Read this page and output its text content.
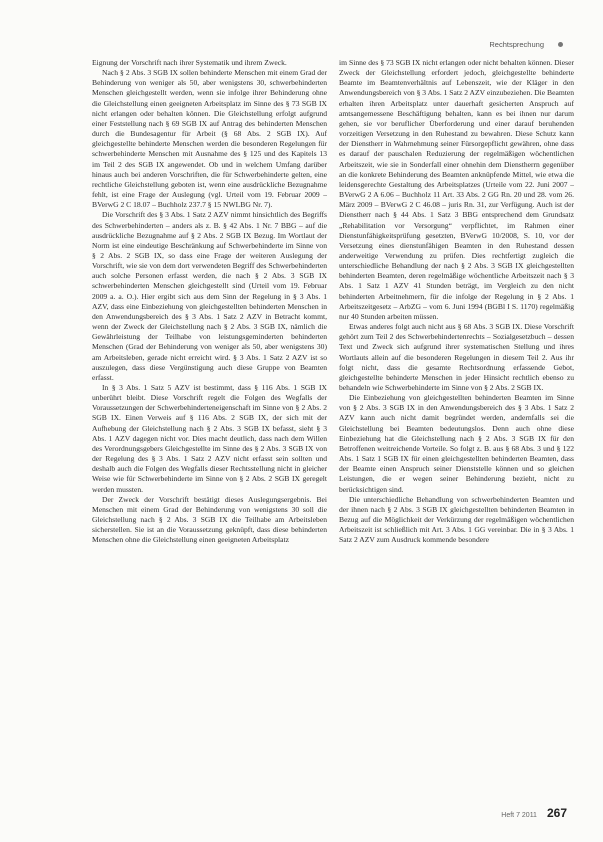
Rechtsprechung

Eignung der Vorschrift nach ihrer Systematik und ihrem Zweck.

Nach § 2 Abs. 3 SGB IX sollen behinderte Menschen mit einem Grad der Behinderung von weniger als 50, aber wenigstens 30, schwerbehinderten Menschen gleichgestellt werden, wenn sie infolge ihrer Behinderung ohne die Gleichstellung einen geeigneten Arbeitsplatz im Sinne des § 73 SGB IX nicht erlangen oder behalten können. Die Gleichstellung erfolgt aufgrund einer Feststellung nach § 69 SGB IX auf Antrag des behinderten Menschen durch die Bundesagentur für Arbeit (§ 68 Abs. 2 SGB IX). Auf gleichgestellte behinderte Menschen werden die besonderen Regelungen für schwerbehinderte Menschen mit Ausnahme des § 125 und des Kapitels 13 im Teil 2 des SGB IX angewendet. Ob und in welchem Umfang darüber hinaus auch bei anderen Vorschriften, die für Schwerbehinderte gelten, eine rechtliche Gleichstellung geboten ist, wenn eine ausdrückliche Bezugnahme fehlt, ist eine Frage der Auslegung (vgl. Urteil vom 19. Februar 2009 – BVerwG 2 C 18.07 – Buchholz 237.7 § 15 NWLBG Nr. 7).

Die Vorschrift des § 3 Abs. 1 Satz 2 AZV nimmt hinsichtlich des Begriffs des Schwerbehinderten – anders als z. B. § 42 Abs. 1 Nr. 7 BBG – auf die ausdrückliche Bezugnahme auf § 2 Abs. 2 SGB IX Bezug. Im Wortlaut der Norm ist eine eindeutige Beschränkung auf Schwerbehinderte im Sinne von § 2 Abs. 2 SGB IX, so dass eine Frage der weiteren Auslegung der Vorschrift, wie sie von dem dort verwendeten Begriff des Schwerbehinderten auch solche Personen erfasst werden, die nach § 2 Abs. 3 SGB IX schwerbehinderten Menschen gleichgestellt sind (Urteil vom 19. Februar 2009 a. a. O.). Hier ergibt sich aus dem Sinn der Regelung in § 3 Abs. 1 AZV, dass eine Einbeziehung von gleichgestellten behinderten Menschen in den Anwendungsbereich des § 3 Abs. 1 Satz 2 AZV in Betracht kommt, wenn der Zweck der Gleichstellung nach § 2 Abs. 3 SGB IX, nämlich die Gewährleistung der Teilhabe von leistungsgeminderten behinderten Menschen (Grad der Behinderung von weniger als 50, aber wenigstens 30) am Arbeitsleben, gerade nicht erreicht wird. § 3 Abs. 1 Satz 2 AZV ist so auszulegen, dass diese Vergünstigung auch diese Gruppe von Beamten erfasst.

In § 3 Abs. 1 Satz 5 AZV ist bestimmt, dass § 116 Abs. 1 SGB IX unberührt bleibt. Diese Vorschrift regelt die Folgen des Wegfalls der Voraussetzungen der Schwerbehinderteneigenschaft im Sinne von § 2 Abs. 2 SGB IX. Einen Verweis auf § 116 Abs. 2 SGB IX, der sich mit der Aufhebung der Gleichstellung nach § 2 Abs. 3 SGB IX befasst, sieht § 3 Abs. 1 AZV dagegen nicht vor. Dies macht deutlich, dass nach dem Willen des Verordnungsgebers Gleichgestellte im Sinne des § 2 Abs. 3 SGB IX von der Regelung des § 3 Abs. 1 Satz 2 AZV nicht erfasst sein sollten und deshalb auch die Folgen des Wegfalls dieser Rechtsstellung nicht in gleicher Weise wie für Schwerbehinderte im Sinne von § 2 Abs. 2 SGB IX geregelt werden mussten.

Der Zweck der Vorschrift bestätigt dieses Auslegungsergebnis. Bei Menschen mit einem Grad der Behinderung von wenigstens 30 soll die Gleichstellung nach § 2 Abs. 3 SGB IX die Teilhabe am Arbeitsleben sicherstellen. Sie ist an die Voraussetzung geknüpft, dass diese behinderten Menschen ohne die Gleichstellung einen geeigneten Arbeitsplatz

im Sinne des § 73 SGB IX nicht erlangen oder nicht behalten können. Dieser Zweck der Gleichstellung erfordert jedoch, gleichgestellte behinderte Beamte im Beamtenverhältnis auf Lebenszeit, wie der Kläger in den Anwendungsbereich von § 3 Abs. 1 Satz 2 AZV einzubeziehen. Die Beamten erhalten ihren Arbeitsplatz unter dauerhaft gesicherten Anspruch auf amtsangemessene Beschäftigung behalten, kann es bei ihnen nur darum gehen, sie vor beruflicher Überforderung und einer darauf beruhenden vorzeitigen Versetzung in den Ruhestand zu bewahren. Diese Schutz kann der Dienstherr in Wahrnehmung seiner Fürsorgepflicht gewähren, ohne dass es darauf der pauschalen Reduzierung der regelmäßigen wöchentlichen Arbeitszeit, wie sie in Sonderfall einer ohnehin dem Dienstherrn gegenüber an die konkrete Behinderung des Beamten anknüpfende Mittel, wie etwa die leidensgerechte Gestaltung des Arbeitsplatzes (Urteile vom 22. Juni 2007 – BVerwG 2 A 6.06 – Buchholz 11 Art. 33 Abs. 2 GG Rn. 20 und 28. vom 26. März 2009 – BVerwG 2 C 46.08 – juris Rn. 31, zur Verfügung. Auch ist der Dienstherr nach § 44 Abs. 1 Satz 3 BBG entsprechend dem Grundsatz „Rehabilitation vor Versorgung“ verpflichtet, im Rahmen einer Dienstunfähigkeitsprüfung gesetzten, BVerwG 10/2008, S. 10, vor der Versetzung eines dienstunfähigen Beamten in den Ruhestand dessen anderweitige Verwendung zu prüfen. Dies rechtfertigt zugleich die unterschiedliche Behandlung der nach § 2 Abs. 3 SGB IX gleichgestellten behinderten Beamten, deren regelmäßige wöchentliche Arbeitszeit nach § 3 Abs. 1 Satz 1 AZV 41 Stunden beträgt, im Vergleich zu den nicht behinderten Arbeitnehmern, für die infolge der Regelung in § 2 Abs. 1 Arbeitszeitgesetz – ArbZG – vom 6. Juni 1994 (BGBl I S. 1170) regelmäßig nur 40 Stunden arbeiten müssen.

Etwas anderes folgt auch nicht aus § 68 Abs. 3 SGB IX. Diese Vorschrift gehört zum Teil 2 des Schwerbehindertenrechts – Sozialgesetzbuch – dessen Text und Zweck sich aufgrund ihrer systematischen Stellung und ihres Wortlauts allein auf die besonderen Regelungen in diesem Teil 2. Aus ihr folgt nicht, dass die gesamte Rechtsordnung erfassende Gebot, gleichgestellte behinderte Menschen in jeder Hinsicht rechtlich ebenso zu behandeln wie Schwerbehinderte im Sinne von § 2 Abs. 2 SGB IX.

Die Einbeziehung von gleichgestellten behinderten Beamten im Sinne von § 2 Abs. 3 SGB IX in den Anwendungsbereich des § 3 Abs. 1 Satz 2 AZV kann auch nicht damit begründet werden, andernfalls sei die Gleichstellung bei Beamten bedeutungslos. Denn auch ohne diese Einbeziehung hat die Gleichstellung nach § 2 Abs. 3 SGB IX für den Betroffenen weitreichende Vorteile. So folgt z. B. aus § 68 Abs. 3 und § 122 Abs. 1 Satz 1 SGB IX für einen gleichgestellten behinderten Beamten, dass der Beamte einen Anspruch seiner Dienststelle können und so gleichen Leistungen, die er wegen seiner Behinderung bezieht, nicht zu berücksichtigen sind.

Die unterschiedliche Behandlung von schwerbehinderten Beamten und der ihnen nach § 2 Abs. 3 SGB IX gleichgestellten behinderten Beamten in Bezug auf die Möglichkeit der Verkürzung der regelmäßigen wöchentlichen Arbeitszeit ist schließlich mit Art. 3 Abs. 1 GG vereinbar. Die in § 3 Abs. 1 Satz 2 AZV zum Ausdruck kommende besondere

Heft 7 2011 267
